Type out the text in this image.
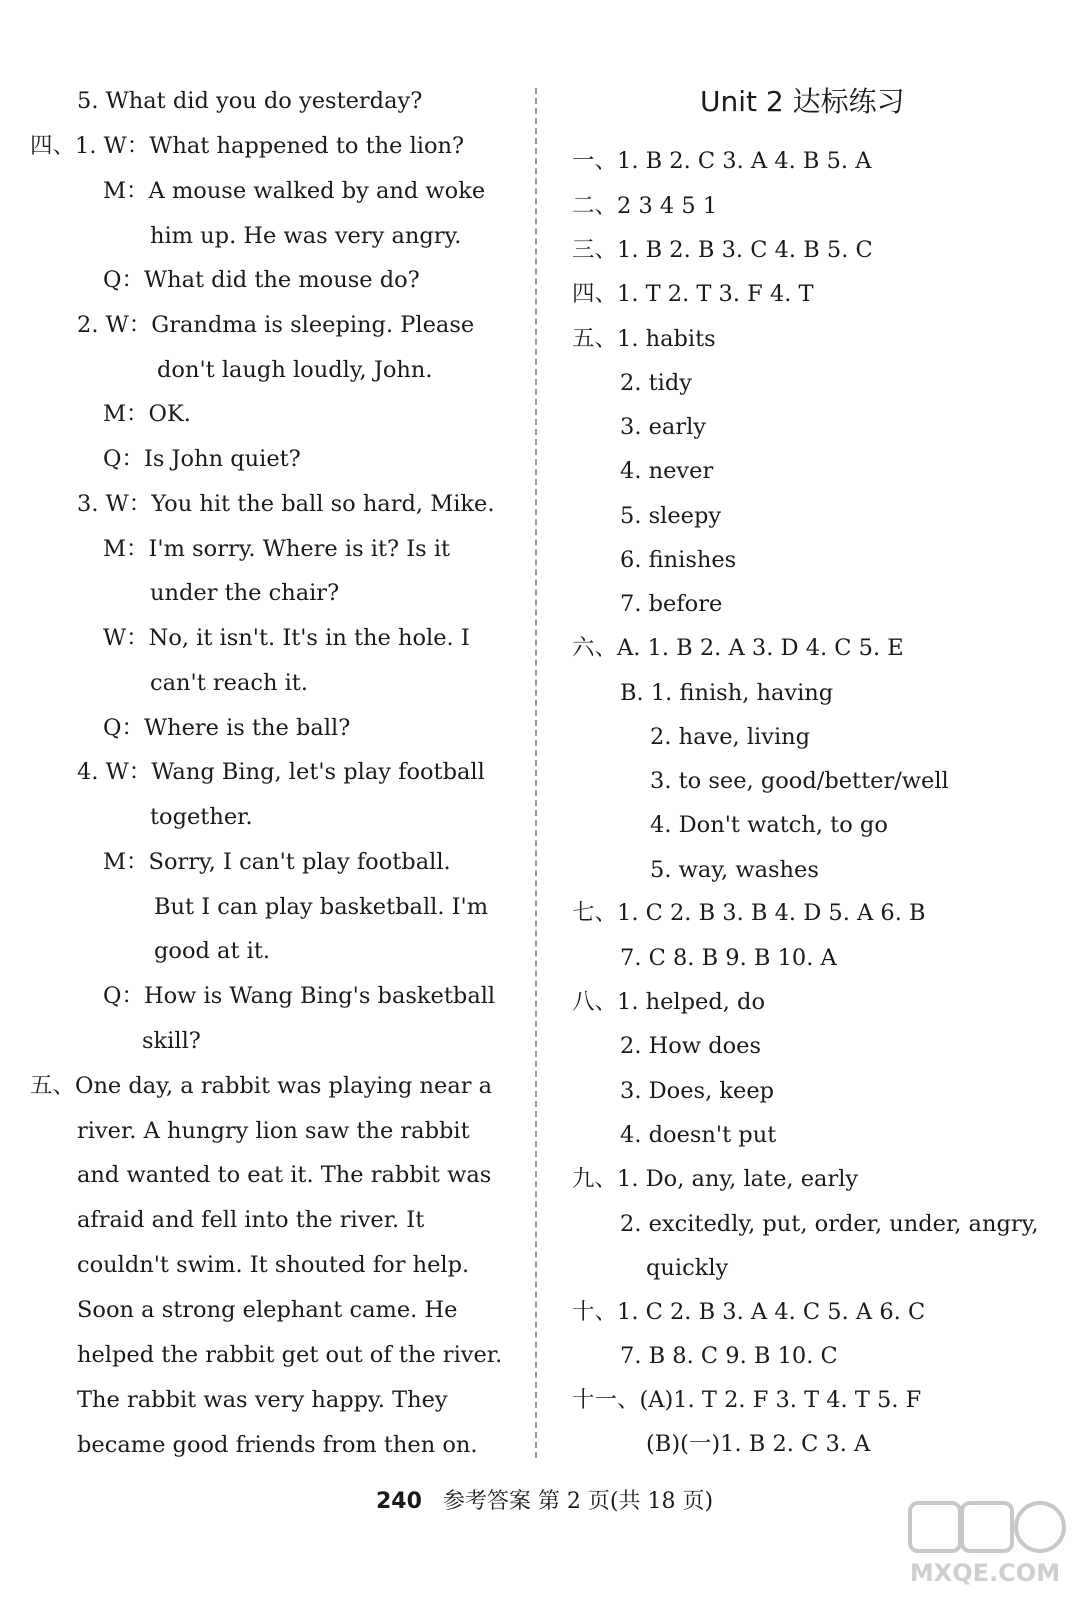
5. What did you do yesterday?
四、1. W：What happened to the lion?
M：A mouse walked by and woke
him up. He was very angry.
Q：What did the mouse do?
2. W：Grandma is sleeping. Please
don't laugh loudly, John.
M：OK.
Q：Is John quiet?
3. W：You hit the ball so hard, Mike.
M：I'm sorry. Where is it? Is it
under the chair?
W：No, it isn't. It's in the hole. I
can't reach it.
Q：Where is the ball?
4. W：Wang Bing, let's play football
together.
M：Sorry, I can't play football.
But I can play basketball. I'm
good at it.
Q：How is Wang Bing's basketball
skill?
五、One day, a rabbit was playing near a
river. A hungry lion saw the rabbit
and wanted to eat it. The rabbit was
afraid and fell into the river. It
couldn't swim. It shouted for help.
Soon a strong elephant came. He
helped the rabbit get out of the river.
The rabbit was very happy. They
became good friends from then on.
Unit 2 达标练习
一、1. B 2. C 3. A 4. B 5. A
二、2 3 4 5 1
三、1. B 2. B 3. C 4. B 5. C
四、1. T 2. T 3. F 4. T
五、1. habits
2. tidy
3. early
4. never
5. sleepy
6. finishes
7. before
六、A. 1. B 2. A 3. D 4. C 5. E
B. 1. finish, having
2. have, living
3. to see, good/better/well
4. Don't watch, to go
5. way, washes
七、1. C 2. B 3. B 4. D 5. A 6. B
7. C 8. B 9. B 10. A
八、1. helped, do
2. How does
3. Does, keep
4. doesn't put
九、1. Do, any, late, early
2. excitedly, put, order, under, angry,
quickly
十、1. C 2. B 3. A 4. C 5. A 6. C
7. B 8. C 9. B 10. C
十一、(A)1. T 2. F 3. T 4. T 5. F
(B)(一)1. B 2. C 3. A
240 参考答案 第 2 页(共 18 页)
MXQE.COM
